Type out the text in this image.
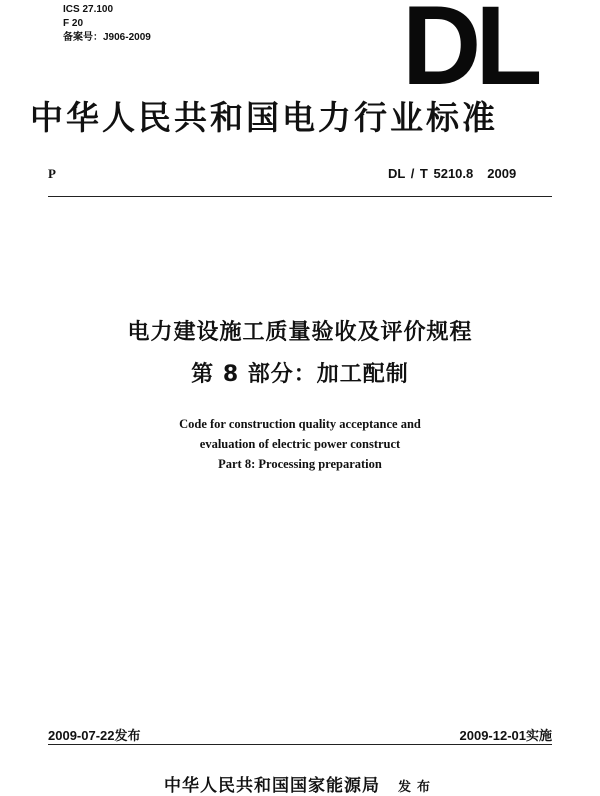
ICS 27.100
F 20
备案号：J906-2009 DL
中华人民共和国电力行业标准
P	DL / T 5210.8 2009
电力建设施工质量验收及评价规程
第 8 部分：加工配制
Code for construction quality acceptance and
evaluation of electric power construct
Part 8: Processing preparation
2009-07-22发布	2009-12-01实施
中华人民共和国国家能源局 发布
